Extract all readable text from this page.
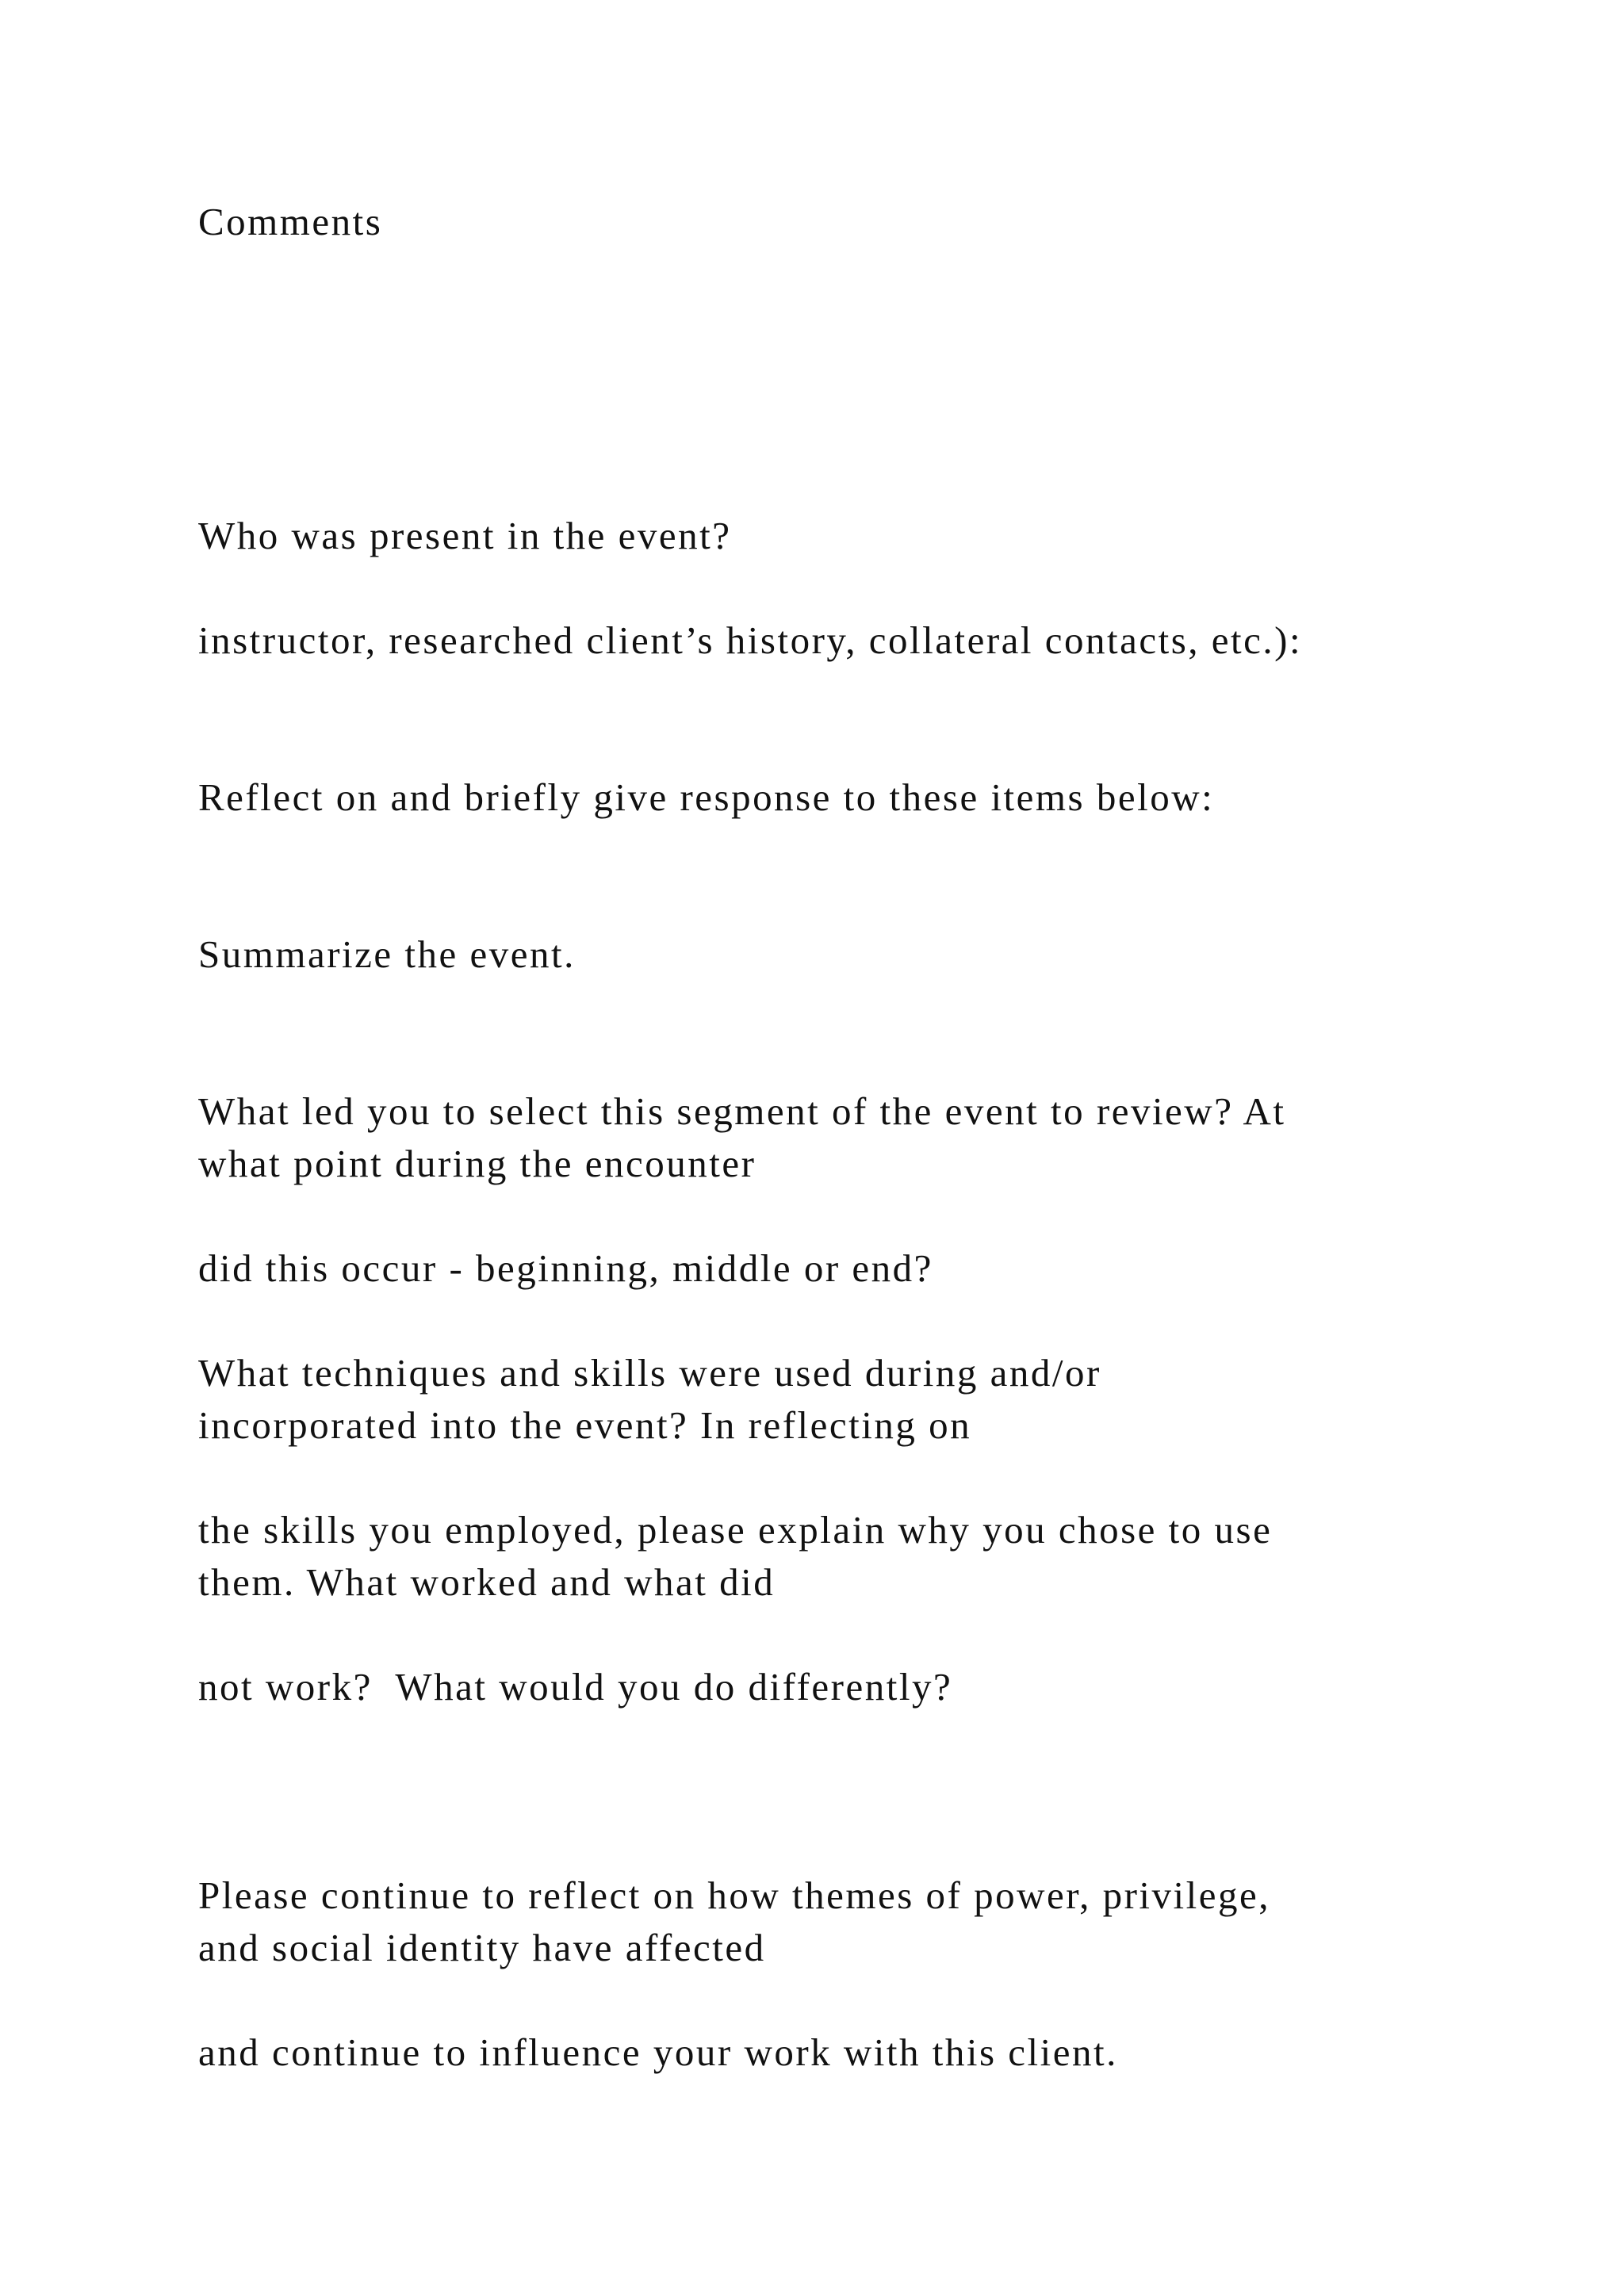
Comments
Who was present in the event?
instructor, researched client’s history, collateral contacts, etc.):
Reflect on and briefly give response to these items below:
Summarize the event.
What led you to select this segment of the event to review? At
what point during the encounter
did this occur - beginning, middle or end?
What techniques and skills were used during and/or
incorporated into the event? In reflecting on
the skills you employed, please explain why you chose to use
them. What worked and what did
not work?  What would you do differently?
Please continue to reflect on how themes of power, privilege,
and social identity have affected
and continue to influence your work with this client.
